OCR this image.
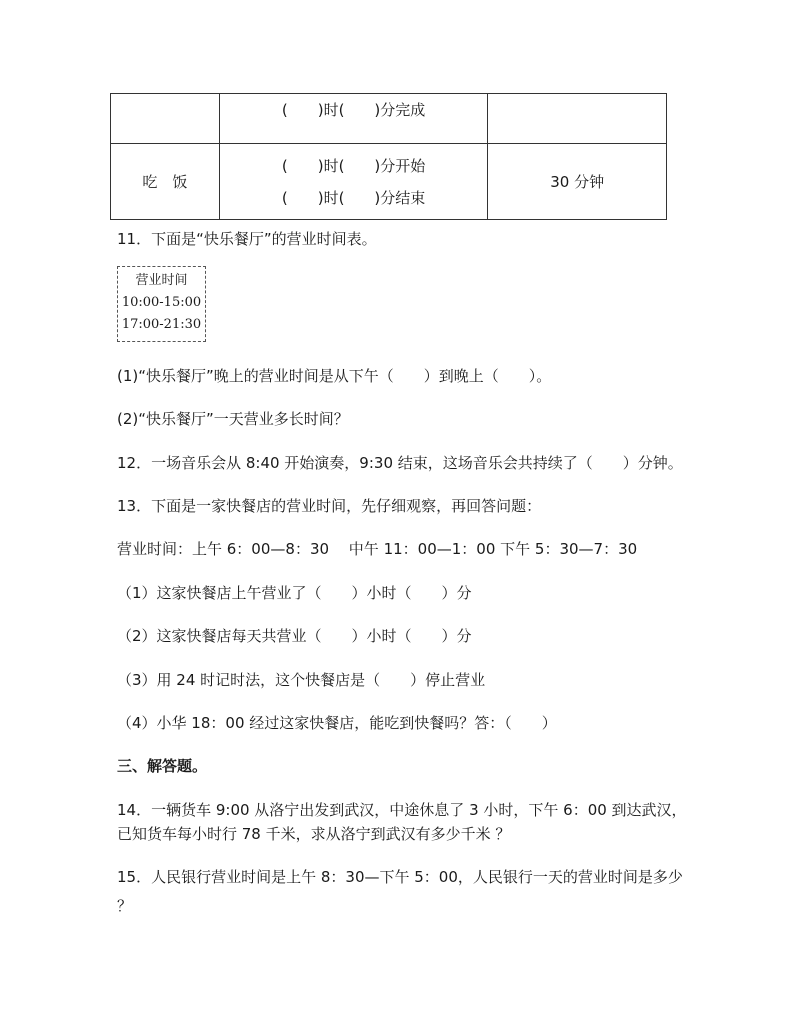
	(　　)时(　　)分完成	

吃　饭	(　　)时(　　)分开始
(　　)时(　　)分结束	30 分钟
11．下面是“快乐餐厅”的营业时间表。
营业时间
10:00-15:00
17:00-21:30
(1)“快乐餐厅”晚上的营业时间是从下午（　　）到晚上（　　）。
(2)“快乐餐厅”一天营业多长时间？
12．一场音乐会从 8:40 开始演奏，9:30 结束，这场音乐会共持续了（　　）分钟。
13．下面是一家快餐店的营业时间，先仔细观察，再回答问题：
营业时间：上午 6：00—8：30　 中午 11：00—1：00 下午 5：30—7：30
（1）这家快餐店上午营业了（　　）小时（　　）分
（2）这家快餐店每天共营业（　　）小时（　　）分
（3）用 24 时记时法，这个快餐店是（　　）停止营业
（4）小华 18：00 经过这家快餐店，能吃到快餐吗？答：（　　）
三、解答题。
14．一辆货车 9:00 从洛宁出发到武汉，中途休息了 3 小时，下午 6：00 到达武汉，
已知货车每小时行 78 千米，求从洛宁到武汉有多少千米 ？
15．人民银行营业时间是上午 8：30—下午 5：00，人民银行一天的营业时间是多少
？
